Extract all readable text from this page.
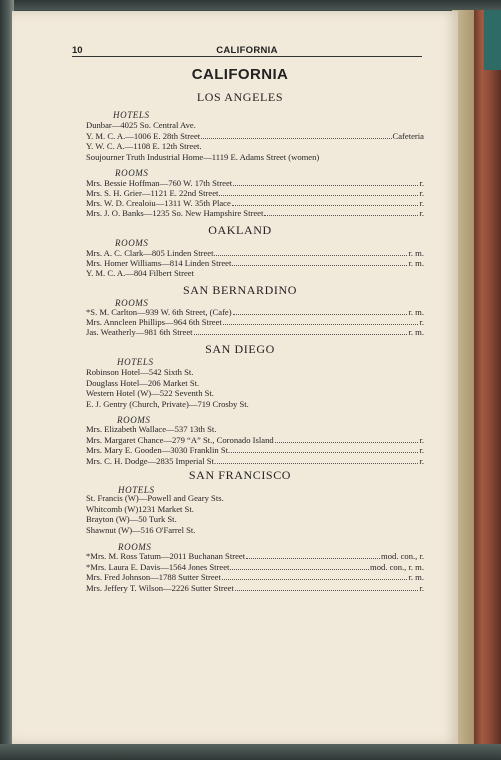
10	CALIFORNIA
CALIFORNIA
LOS ANGELES
HOTELS
Dunbar—4025 So. Central Ave.
Y. M. C. A.—1006 E. 28th Street	Cafeteria
Y. W. C. A.—1108 E. 12th Street.
Soujourner Truth Industrial Home—1119 E. Adams Street (women)
ROOMS
Mrs. Bessie Hoffman—760 W. 17th Street	r.
Mrs. S. H. Grier—1121 E. 22nd Street	r.
Mrs. W. D. Crealoiu—1311 W. 35th Place	r.
Mrs. J. O. Banks—1235 So. New Hampshire Street	r.
OAKLAND
ROOMS
Mrs. A. C. Clark—805 Linden Street	r. m.
Mrs. Homer Williams—814 Linden Street	r. m.
Y. M. C. A.—804 Filbert Street
SAN BERNARDINO
ROOMS
*S. M. Carlton—939 W. 6th Street, (Cafe)	r. m.
Mrs. Anncleen Phillips—964 6th Street	r.
Jas. Weatherly—981 6th Street	r. m.
SAN DIEGO
HOTELS
Robinson Hotel—542 Sixth St.
Douglass Hotel—206 Market St.
Western Hotel (W)—522 Seventh St.
E. J. Gentry (Church, Private)—719 Crosby St.
ROOMS
Mrs. Elizabeth Wallace—537 13th St.
Mrs. Margaret Chance—279 “A” St., Coronado Island	r.
Mrs. Mary E. Gooden—3030 Franklin St.	r.
Mrs. C. H. Dodge—2835 Imperial St.	r.
SAN FRANCISCO
HOTELS
St. Francis (W)—Powell and Geary Sts.
Whitcomb (W)1231 Market St.
Brayton (W)—50 Turk St.
Shawnut (W)—516 O'Farrel St.
ROOMS
*Mrs. M. Ross Tatum—2011 Buchanan Street	mod. con., r.
*Mrs. Laura E. Davis—1564 Jones Street	mod. con., r. m.
Mrs. Fred Johnson—1788 Sutter Street	r. m.
Mrs. Jeffery T. Wilson—2226 Sutter Street	r.
